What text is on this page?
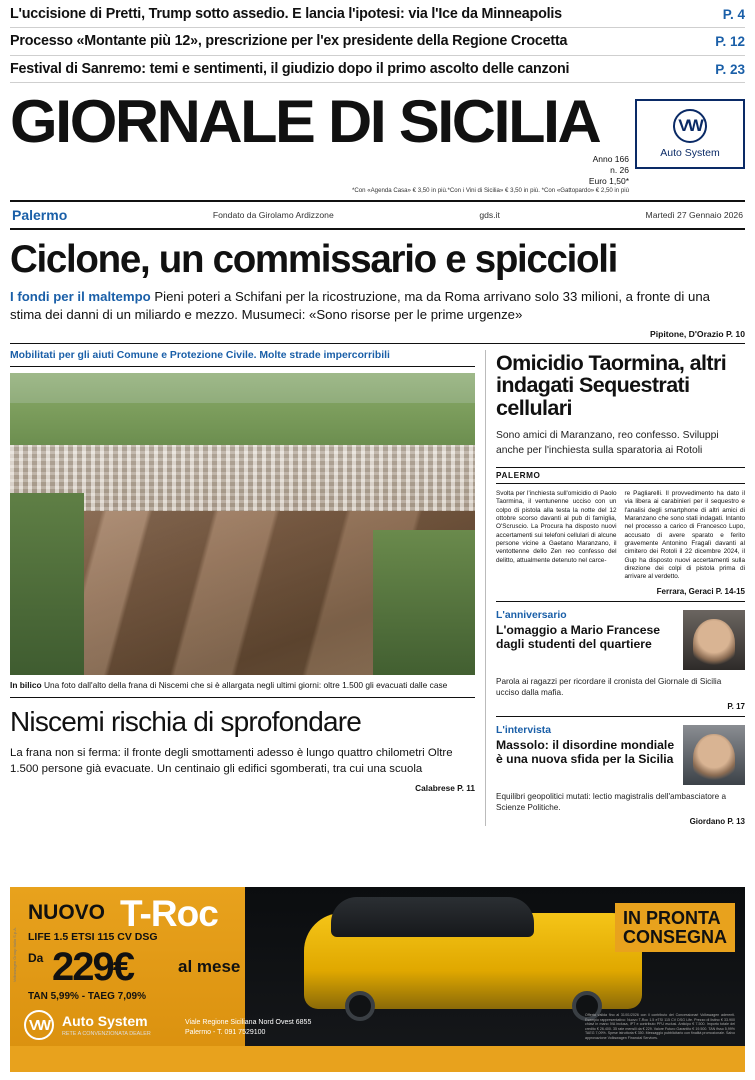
L'uccisione di Pretti, Trump sotto assedio. E lancia l'ipotesi: via l'Ice da Minneapolis	P. 4
Processo «Montante più 12», prescrizione per l'ex presidente della Regione Crocetta	P. 12
Festival di Sanremo: temi e sentimenti, il giudizio dopo il primo ascolto delle canzoni	P. 23
GIORNALE DI SICILIA
Anno 166
n. 26
Euro 1,50*
*Con «Agenda Casa» € 3,50 in più.*Con i Vini di Sicilia» € 3,50 in più. *Con «Gattopardo» € 2,50 in più
VW
Auto System
Palermo	Fondato da Girolamo Ardizzone	gds.it	Martedì 27 Gennaio 2026
Ciclone, un commissario e spiccioli
I fondi per il maltempo Pieni poteri a Schifani per la ricostruzione, ma da Roma arrivano solo 33 milioni, a fronte di una stima dei danni di un miliardo e mezzo. Musumeci: «Sono risorse per le prime urgenze»
Pipitone, D'Orazio P. 10
Mobilitati per gli aiuti Comune e Protezione Civile. Molte strade impercorribili
In bilico Una foto dall'alto della frana di Niscemi che si è allargata negli ultimi giorni: oltre 1.500 gli evacuati dalle case
Niscemi rischia di sprofondare
La frana non si ferma: il fronte degli smottamenti adesso è lungo quattro chilometri Oltre 1.500 persone già evacuate. Un centinaio gli edifici sgomberati, tra cui una scuola
Calabrese P. 11
Omicidio Taormina, altri indagati Sequestrati cellulari
Sono amici di Maranzano, reo confesso. Sviluppi anche per l'inchiesta sulla sparatoria ai Rotoli
PALERMO

Svolta per l'inchiesta sull'omicidio di Paolo Taormina, il ventunenne ucciso con un colpo di pistola alla testa la notte del 12 ottobre scorso davanti al pub di famiglia, O'Scruscio. La Procura ha disposto nuovi accertamenti sui telefoni cellulari di alcune persone vicine a Gaetano Maranzano, il ventottenne dello Zen reo confesso del delitto, attualmente detenuto nel carce-

re Pagliarelli. Il provvedimento ha dato il via libera ai carabinieri per il sequestro e l'analisi degli smartphone di altri amici di Maranzano che sono stati indagati. Intanto nel processo a carico di Francesco Lupo, accusato di avere sparato e ferito gravemente Antonino Fragalì davanti al cimitero dei Rotoli il 22 dicembre 2024, il Gup ha disposto nuovi accertamenti sulla direzione dei colpi di pistola prima di arrivare al verdetto.

Ferrara, Geraci P. 14-15
L'anniversario
L'omaggio a Mario Francese dagli studenti del quartiere
Parola ai ragazzi per ricordare il cronista del Giornale di Sicilia ucciso dalla mafia.
P. 17
L'intervista
Massolo: il disordine mondiale è una nuova sfida per la Sicilia
Equilibri geopolitici mutati: lectio magistralis dell'ambasciatore a Scienze Politiche.
Giordano P. 13
NUOVO T-Roc
LIFE 1.5 ETSI 115 CV DSG
Da 229€	al mese
TAN 5,99% - TAEG 7,09%
IN PRONTA CONSEGNA
VW Auto System
RETE A CONVENZIONATA DEALER
Viale Regione Siciliana Nord Ovest 6855
Palermo - T. 091 7529100
Offerta valida fino al 31/01/2026 con il contributo dei Concessionari Volkswagen aderenti. Esempio rappresentativo: Nuovo T-Roc 1.5 eTSI 115 CV DSG Life. Prezzo di listino € 33.900 chiavi in mano IVA inclusa, IPT e contributo PFU esclusi. Anticipo € 7.500. Importo totale del credito € 26.400. 35 rate mensili da € 229. Valore Futuro Garantito € 19.500. TAN fisso 5,99% TAEG 7,09%. Spese istruttoria € 350. Messaggio pubblicitario con finalità promozionale. Salvo approvazione Volkswagen Financial Services.
Volkswagen Group Italia S.p.A.
